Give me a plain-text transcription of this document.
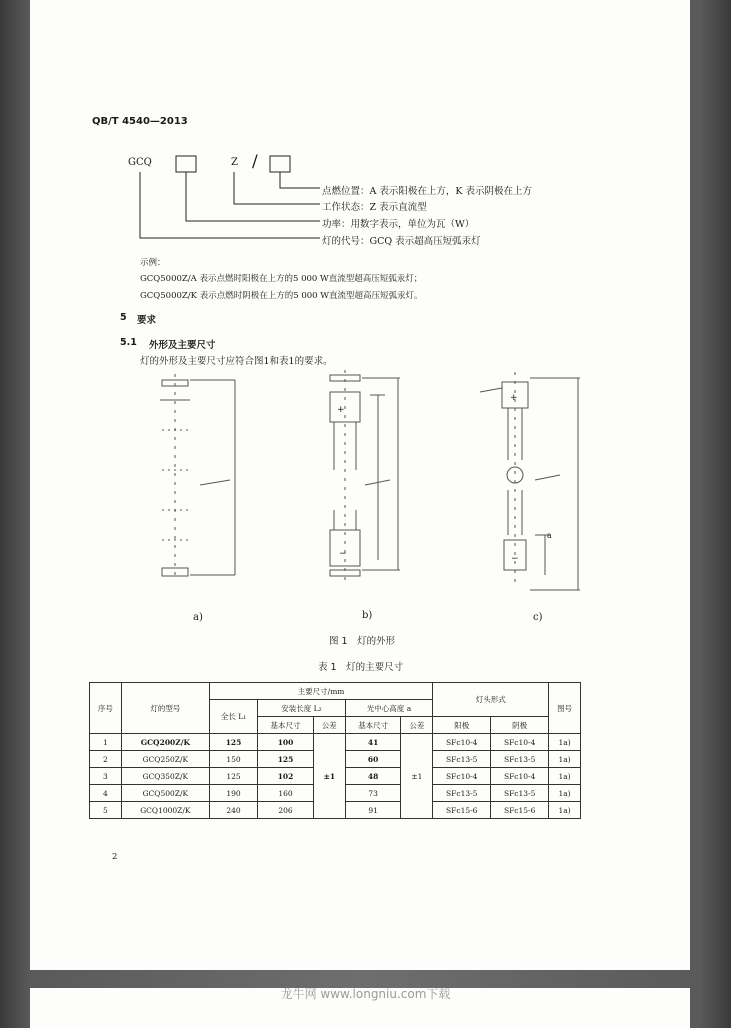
QB/T 4540—2013
GCQ	Z /
点燃位置：A 表示阳极在上方，K 表示阴极在上方
工作状态：Z 表示直流型
功率：用数字表示，单位为瓦（W）
灯的代号：GCQ 表示超高压短弧汞灯
示例：
GCQ5000Z/A 表示点燃时阳极在上方的5 000 W直流型超高压短弧汞灯；
GCQ5000Z/K 表示点燃时阴极在上方的5 000 W直流型超高压短弧汞灯。
5 要求
5.1 外形及主要尺寸
灯的外形及主要尺寸应符合图1和表1的要求。
+
−
+
−
a
a)	b)	c)
图 1　灯的外形
表 1　灯的主要尺寸
序号	灯的型号	主要尺寸/mm					灯头形式		图号
		全长 L₁	安装长度 L₂		光中心高度 a				
			基本尺寸	公差	基本尺寸	公差	阳极	阴极	
1	GCQ200Z/K	125	100	±1	41	±1	SFc10-4	SFc10-4	1a)
2	GCQ250Z/K	150	125		60		SFc13-5	SFc13-5	1a)
3	GCQ350Z/K	125	102		48		SFc10-4	SFc10-4	1a)
4	GCQ500Z/K	190	160		73		SFc13-5	SFc13-5	1a)
5	GCQ1000Z/K	240	206		91		SFc15-6	SFc15-6	1a)
2
龙牛网 www.longniu.com下载
